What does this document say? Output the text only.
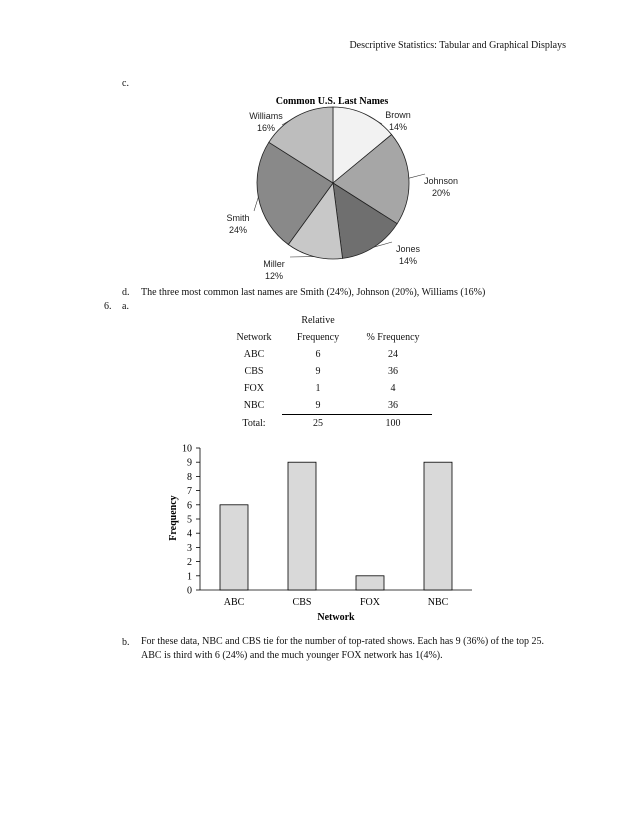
Descriptive Statistics: Tabular and Graphical Displays
c.
Common U.S. Last Names
Brown
14%
Johnson
20%
Jones
14%
Miller
12%
Smith
24%
Williams
16%
d. The three most common last names are Smith (24%), Johnson (20%), Williams (16%)
6. a.
	Relative	
Network	Frequency	% Frequency
ABC	6	24
CBS	9	36
FOX	1	4
NBC	9	36
Total:	25	100
Frequency
Network
0
1
2
3
4
5
6
7
8
9
10
ABC	CBS	FOX	NBC
b. For these data, NBC and CBS tie for the number of top-rated shows. Each has 9 (36%) of the top 25.

ABC is third with 6 (24%) and the much younger FOX network has 1(4%).
